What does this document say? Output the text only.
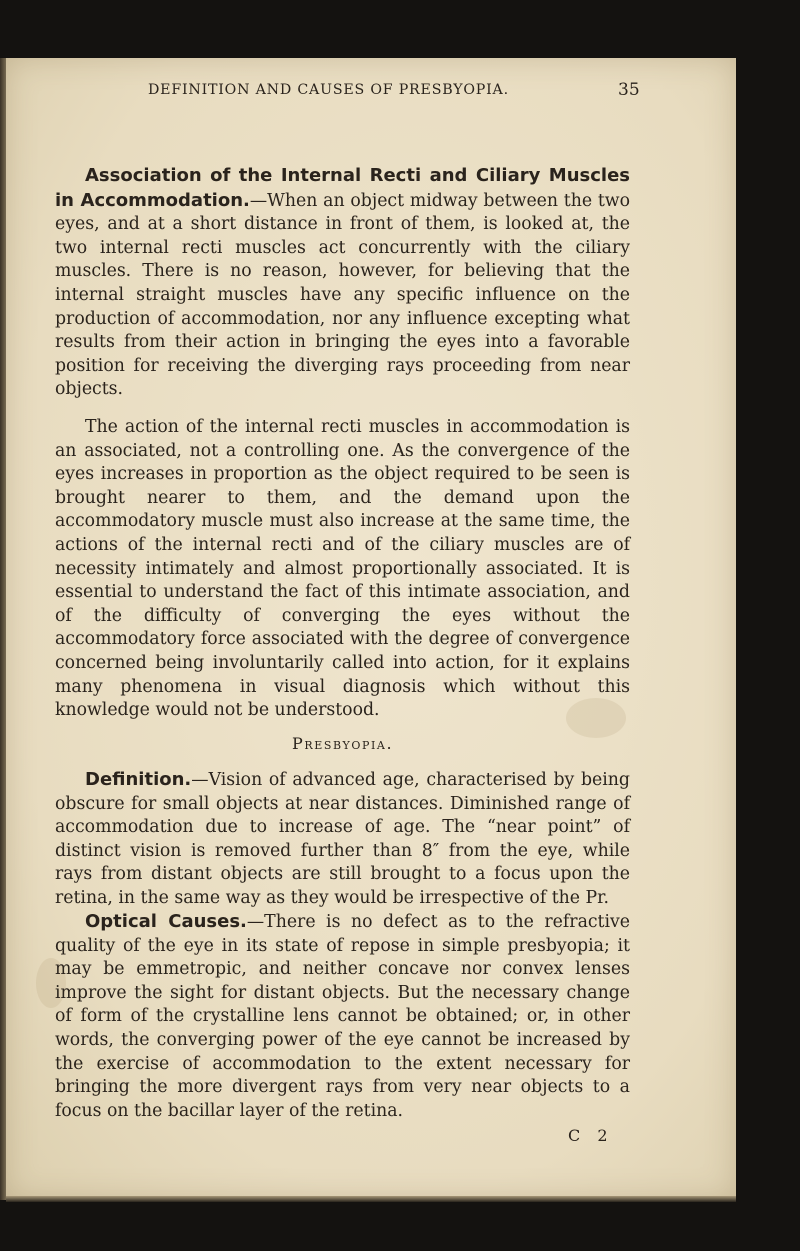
DEFINITION AND CAUSES OF PRESBYOPIA.	35

Association of the Internal Recti and Ciliary Muscles in Accommodation.—When an object midway between the two eyes, and at a short distance in front of them, is looked at, the two internal recti muscles act concurrently with the ciliary muscles. There is no reason, however, for believing that the internal straight muscles have any specific influence on the production of accommodation, nor any influence excepting what results from their action in bringing the eyes into a favorable position for receiving the diverging rays proceeding from near objects.

The action of the internal recti muscles in accommodation is an associated, not a controlling one. As the convergence of the eyes increases in proportion as the object required to be seen is brought nearer to them, and the demand upon the accommodatory muscle must also increase at the same time, the actions of the internal recti and of the ciliary muscles are of necessity intimately and almost proportionally associated. It is essential to understand the fact of this intimate association, and of the difficulty of converging the eyes without the accommodatory force associated with the degree of convergence concerned being involuntarily called into action, for it explains many phenomena in visual diagnosis which without this knowledge would not be understood.

Presbyopia.

Definition.—Vision of advanced age, characterised by being obscure for small objects at near distances. Diminished range of accommodation due to increase of age. The “near point” of distinct vision is removed further than 8″ from the eye, while rays from distant objects are still brought to a focus upon the retina, in the same way as they would be irrespective of the Pr.

Optical Causes.—There is no defect as to the refractive quality of the eye in its state of repose in simple presbyopia; it may be emmetropic, and neither concave nor convex lenses improve the sight for distant objects. But the necessary change of form of the crystalline lens cannot be obtained; or, in other words, the converging power of the eye cannot be increased by the exercise of accommodation to the extent necessary for bringing the more divergent rays from very near objects to a focus on the bacillar layer of the retina.

C 2
